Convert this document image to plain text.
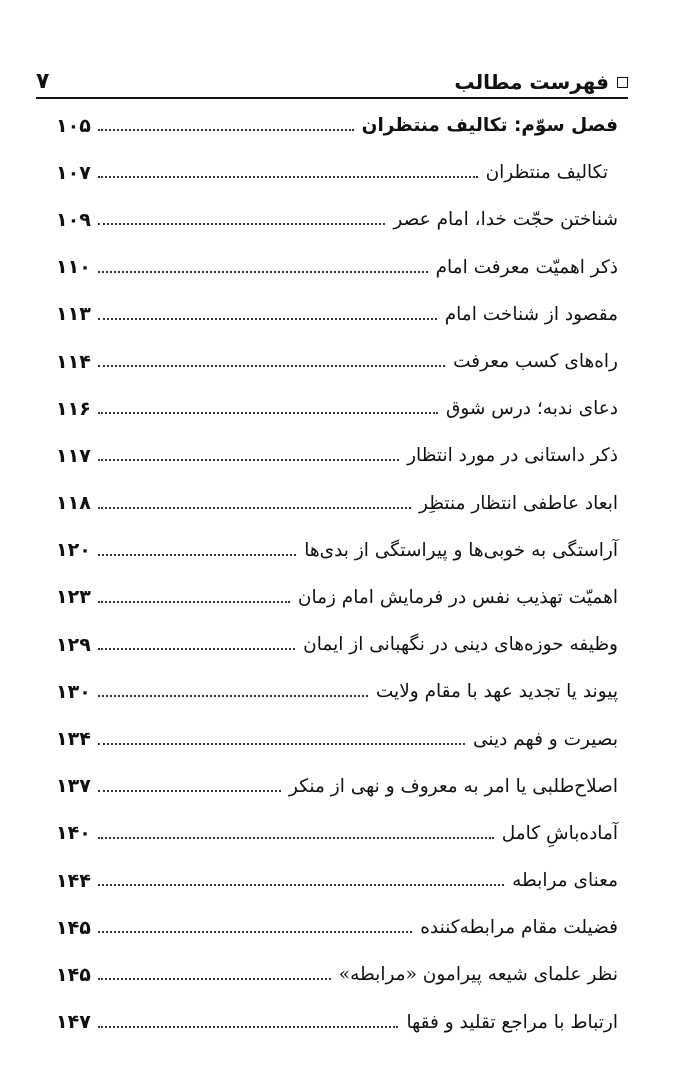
فهرست مطالب
۷
فصل سوّم: تکالیف منتظران
۱۰۵
تکالیف منتظران
۱۰۷
شناختن حجّت خدا، امام عصر
۱۰۹
ذکر اهمیّت معرفت امام
۱۱۰
مقصود از شناخت امام
۱۱۳
راه‌های کسب معرفت
۱۱۴
دعای ندبه؛ درس شوق
۱۱۶
ذکر داستانی در مورد انتظار
۱۱۷
ابعاد عاطفی انتظار منتظِر
۱۱۸
آراستگی به خوبی‌ها و پیراستگی از بدی‌ها
۱۲۰
اهمیّت تهذیب نفس در فرمایش امام زمان
۱۲۳
وظیفه حوزه‌های دینی در نگهبانی از ایمان
۱۲۹
پیوند یا تجدید عهد با مقام ولایت
۱۳۰
بصیرت و فهم دینی
۱۳۴
اصلاح‌طلبی یا امر به معروف و نهی از منکر
۱۳۷
آماده‌باشِ کامل
۱۴۰
معنای مرابطه
۱۴۴
فضیلت مقام مرابطه‌کننده
۱۴۵
نظر علمای شیعه پیرامون «مرابطه»
۱۴۵
ارتباط با مراجع تقلید و فقها
۱۴۷
